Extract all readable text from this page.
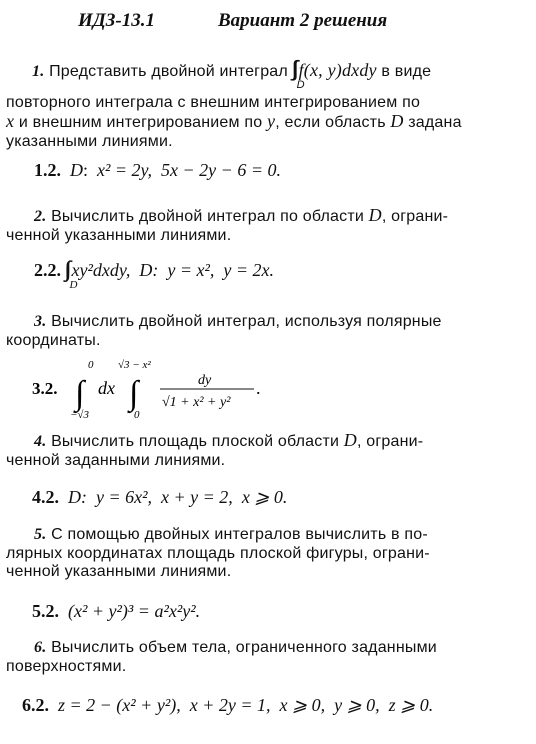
ИДЗ-13.1	Вариант 2 решения
1. Представить двойной интеграл
D
f(x, y)dxdy в виде
повторного интеграла с внешним интегрированием по
x и внешним интегрированием по y, если область D задана
указанными линиями.
1.2. D:  x² = 2y, 5x − 2y − 6 = 0.
2. Вычислить двойной интеграл по области D, ограни-
ченной указанными линиями.
2.2.
D
xy²dxdy, D: y = x², y = 2x.
3. Вычислить двойной интеграл, используя полярные
координаты.
3.2.
0
∫
−√3
dx
√3 − x²
∫
0
dy
√1 + x² + y²
.
4. Вычислить площадь плоской области D, ограни-
ченной заданными линиями.
4.2. D: y = 6x², x + y = 2, x ⩾ 0.
5. С помощью двойных интегралов вычислить в по-
лярных координатах площадь плоской фигуры, ограни-
ченной указанными линиями.
5.2. (x² + y²)³ = a²x²y².
6. Вычислить объем тела, ограниченного заданными
поверхностями.
6.2. z = 2 − (x² + y²), x + 2y = 1, x ⩾ 0, y ⩾ 0, z ⩾ 0.
